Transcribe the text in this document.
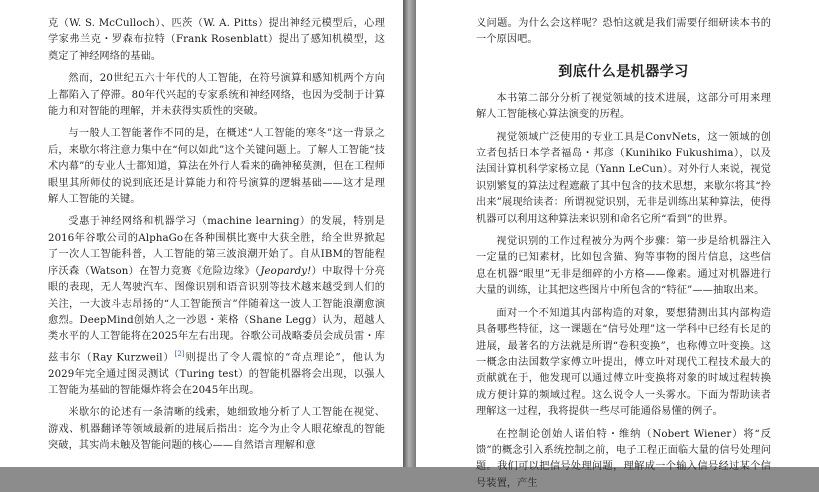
克（W. S. McCulloch）、匹茨（W. A. Pitts）提出神经元模型后，心理学家弗兰克・罗森布拉特（Frank Rosenblatt）提出了感知机模型，这奠定了神经网络的基础。

然而，20世纪五六十年代的人工智能，在符号演算和感知机两个方向上都陷入了停滞。80年代兴起的专家系统和神经网络，也因为受制于计算能力和对智能的理解，并未获得实质性的突破。

与一般人工智能著作不同的是，在概述“人工智能的寒冬”这一背景之后，来歇尔将注意力集中在“何以如此”这个关键问题上。了解人工智能“技术内幕”的专业人士都知道，算法在外行人看来的确神秘莫测，但在工程师眼里其所师仗的说到底还是计算能力和符号演算的逻辑基础——这才是理解人工智能的关键。

受惠于神经网络和机器学习（machine learning）的发展，特别是2016年谷歌公司的AlphaGo在各种围棋比赛中大获全胜，给全世界掀起了一次人工智能科普，人工智能的第三波浪潮开始了。自从IBM的智能程序沃森（Watson）在智力竞赛《危险边缘》（Jeopardy!）中取得十分亮眼的表现，无人驾驶汽车、图像识别和语音识别等技术越来越受到人们的关注，一大波斗志昂扬的“人工智能预言”伴随着这一波人工智能浪潮愈演愈烈。DeepMind创始人之一沙恩・莱格（Shane Legg）认为，超越人类水平的人工智能将在2025年左右出现。谷歌公司战略委员会成员雷・库兹韦尔（Ray Kurzweil）[2]则提出了令人震惊的“奇点理论”，他认为2029年完全通过图灵测试（Turing test）的智能机器将会出现，以强人工智能为基础的智能爆炸将会在2045年出现。

米歇尔的论述有一条清晰的线索，她细致地分析了人工智能在视觉、游戏、机器翻译等领域最新的进展后指出：迄今为止令人眼花缭乱的智能突破，其实尚未触及智能问题的核心——自然语言理解和意

义问题。为什么会这样呢？恐怕这就是我们需要仔细研读本书的一个原因吧。

到底什么是机器学习

本书第二部分分析了视觉领域的技术进展，这部分可用来理解人工智能核心算法演变的历程。

视觉领域广泛使用的专业工具是ConvNets，这一领域的创立者包括日本学者福岛・邦彦（Kunihiko Fukushima），以及法国计算机科学家杨立昆（Yann LeCun）。对外行人来说，视觉识别繁复的算法过程遮蔽了其中包含的技术思想，来歇尔将其“拎出来”展现给读者：所谓视觉识别，无非是训练出某种算法，使得机器可以利用这种算法来识别和命名它所“看到”的世界。

视觉识别的工作过程被分为两个步骤：第一步是给机器注入一定量的已知素材，比如包含猫、狗等事物的图片信息，这些信息在机器“眼里”无非是细碎的小方格——像素。通过对机器进行大量的训练，让其把这些图片中所包含的“特征”——抽取出来。

面对一个不知道其内部构造的对象，要想猜测出其内部构造具备哪些特征，这一课题在“信号处理”这一学科中已经有长足的进展，最著名的方法就是所谓“卷积变换”，也称傅立叶变换。这一概念由法国数学家傅立叶提出，傅立叶对现代工程技术最大的贡献就在于，他发现可以通过傅立叶变换将对象的时域过程转换成方便计算的频域过程。这么说令人一头雾水。下面为帮助读者理解这一过程，我将提供一些尽可能通俗易懂的例子。

在控制论创始人诺伯特・维纳（Nobert Wiener）将“反馈”的概念引入系统控制之前，电子工程正面临大量的信号处理问题。我们可以把信号处理问题，理解成一个输入信号经过某个信号装置，产生
